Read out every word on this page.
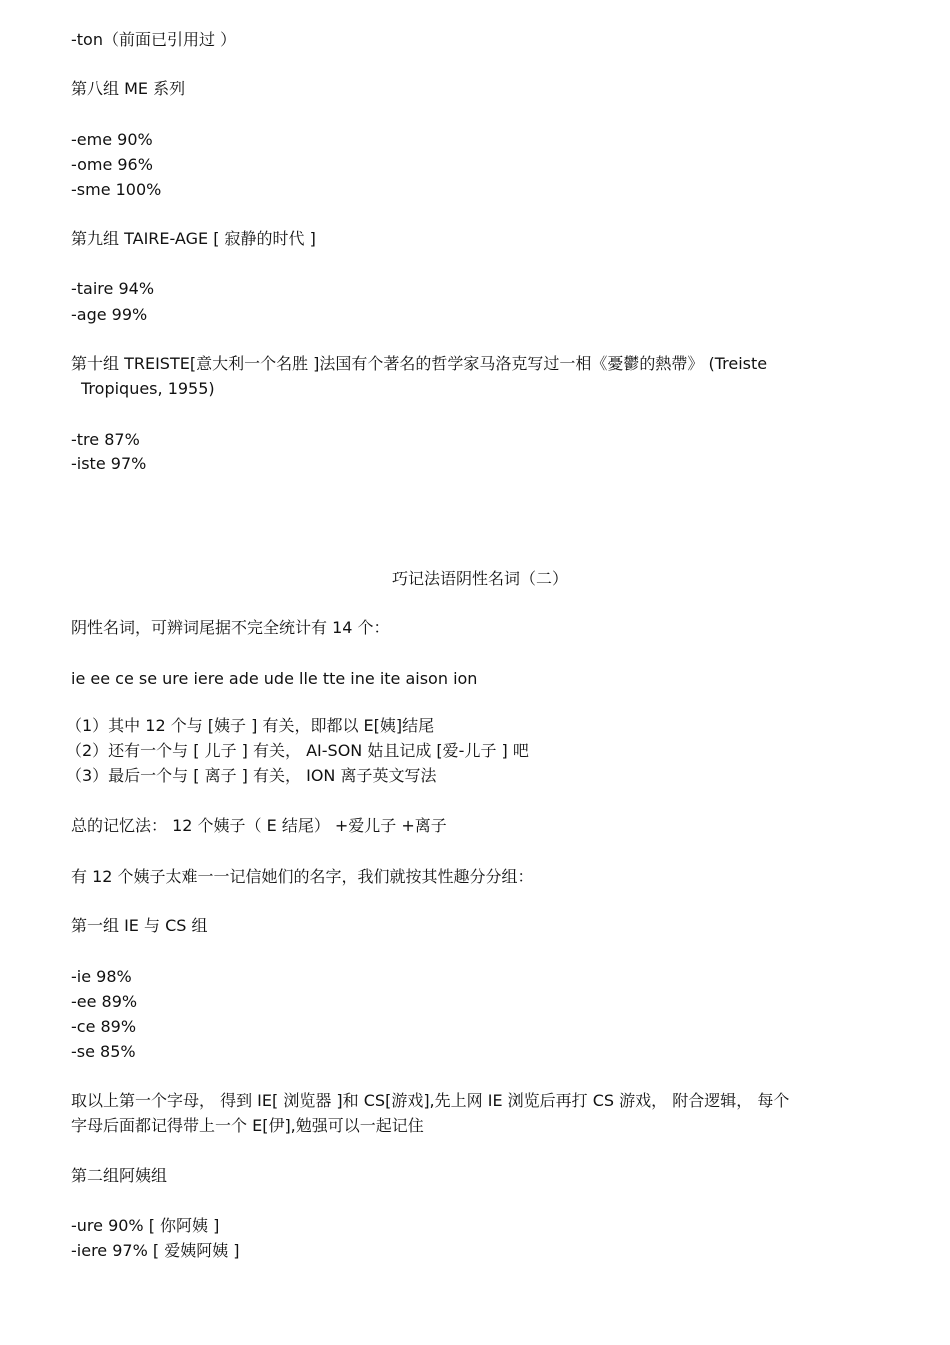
-ton（前面已引用过 ）
第八组 ME 系列
-eme 90%
-ome 96%
-sme 100%
第九组 TAIRE-AGE [ 寂静的时代 ]
-taire 94%
-age 99%
第十组 TREISTE[意大利一个名胜 ]法国有个著名的哲学家马洛克写过一相《憂鬱的熱帶》 (Treiste
Tropiques, 1955)
-tre 87%
-iste 97%
巧记法语阴性名词（二）
阴性名词，可辨词尾据不完全统计有 14 个：
ie ee ce se ure iere ade ude lle tte ine ite aison ion
（1）其中 12 个与 [姨子 ] 有关，即都以 E[姨]结尾
（2）还有一个与 [ 儿子 ] 有关， AI-SON 姑且记成 [爱-儿子 ] 吧
（3）最后一个与 [ 离子 ] 有关， ION 离子英文写法
总的记忆法： 12 个姨子（ E 结尾） +爱儿子 +离子
有 12 个姨子太难一一记信她们的名字，我们就按其性趣分分组：
第一组 IE 与 CS 组
-ie 98%
-ee 89%
-ce 89%
-se 85%
取以上第一个字母， 得到 IE[ 浏览器 ]和 CS[游戏],先上网 IE 浏览后再打 CS 游戏， 附合逻辑， 每个
字母后面都记得带上一个 E[伊],勉强可以一起记住
第二组阿姨组
-ure 90% [ 你阿姨 ]
-iere 97% [ 爱姨阿姨 ]
